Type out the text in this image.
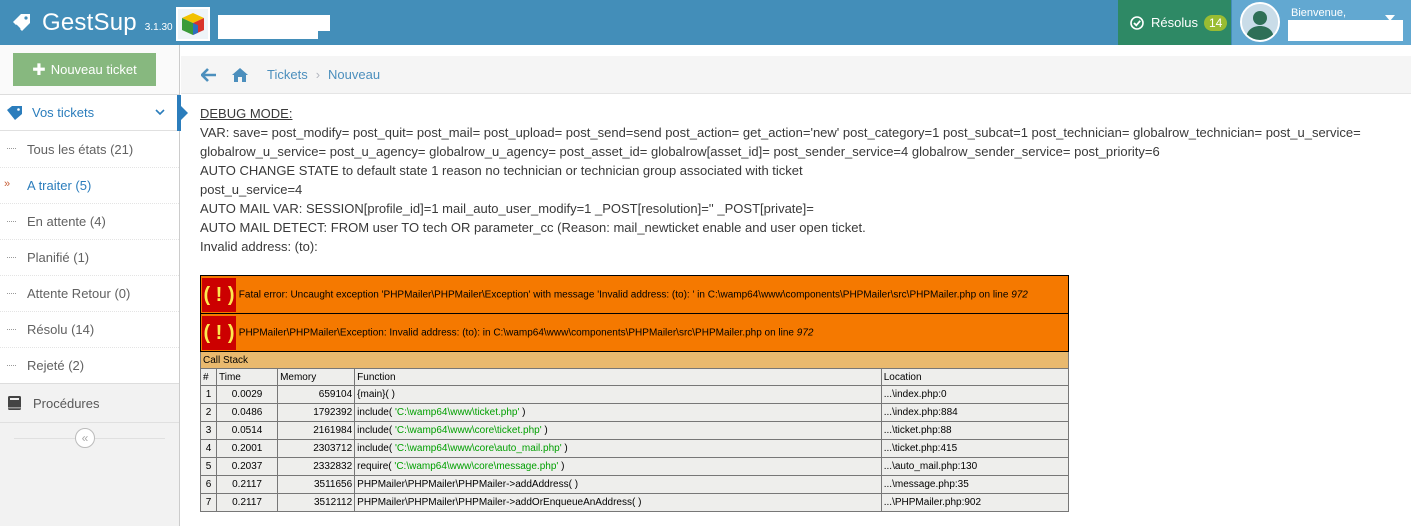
GestSup 3.1.30	Résolus 14
Bienvenue,
✚ Nouveau ticket
Vos tickets
Tous les états (21)
» A traiter (5)
En attente (4)
Planifié (1)
Attente Retour (0)
Résolu (14)
Rejeté (2)
Procédures
«
Tickets › Nouveau
DEBUG MODE:
VAR: save= post_modify= post_quit= post_mail= post_upload= post_send=send post_action= get_action='new' post_category=1 post_subcat=1 post_technician= globalrow_technician= post_u_service= globalrow_u_service= post_u_agency= globalrow_u_agency= post_asset_id= globalrow[asset_id]= post_sender_service=4 globalrow_sender_service= post_priority=6
AUTO CHANGE STATE to default state 1 reason no technician or technician group associated with ticket
post_u_service=4
AUTO MAIL VAR: SESSION[profile_id]=1 mail_auto_user_modify=1 _POST[resolution]='' _POST[private]=
AUTO MAIL DETECT: FROM user TO tech OR parameter_cc (Reason: mail_newticket enable and user open ticket.
Invalid address: (to):
( ! ) Fatal error: Uncaught exception 'PHPMailer\PHPMailer\Exception' with message 'Invalid address: (to): ' in C:\wamp64\www\components\PHPMailer\src\PHPMailer.php on line 972				
( ! ) PHPMailer\PHPMailer\Exception: Invalid address: (to): in C:\wamp64\www\components\PHPMailer\src\PHPMailer.php on line 972				
Call Stack				
#	Time	Memory	Function	Location
1	0.0029	659104	{main}( )	...\index.php:0
2	0.0486	1792392	include( 'C:\wamp64\www\ticket.php' )	...\index.php:884
3	0.0514	2161984	include( 'C:\wamp64\www\core\ticket.php' )	...\ticket.php:88
4	0.2001	2303712	include( 'C:\wamp64\www\core\auto_mail.php' )	...\ticket.php:415
5	0.2037	2332832	require( 'C:\wamp64\www\core\message.php' )	...\auto_mail.php:130
6	0.2117	3511656	PHPMailer\PHPMailer\PHPMailer->addAddress( )	...\message.php:35
7	0.2117	3512112	PHPMailer\PHPMailer\PHPMailer->addOrEnqueueAnAddress( )	...\PHPMailer.php:902
